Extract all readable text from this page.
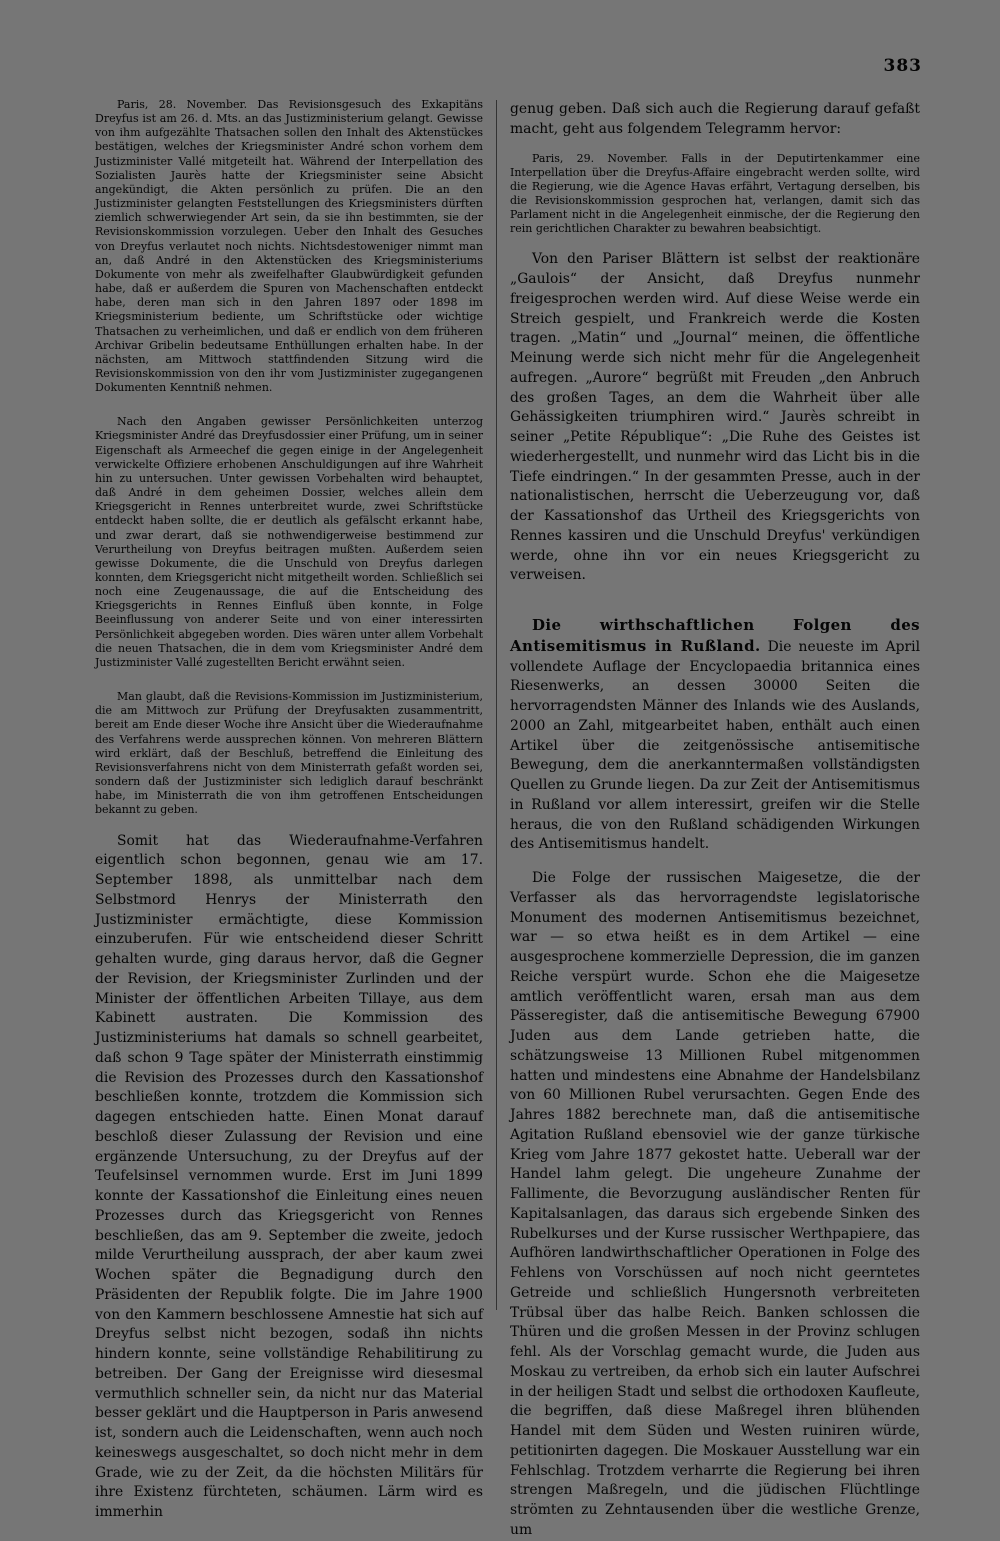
383

Paris, 28. November. Das Revisionsgesuch des Exkapitäns Dreyfus ist am 26. d. Mts. an das Justizministerium gelangt. Gewisse von ihm aufgezählte Thatsachen sollen den Inhalt des Aktenstückes bestätigen, welches der Kriegsminister André schon vorhem dem Justizminister Vallé mitgeteilt hat. Während der Interpellation des Sozialisten Jaurès hatte der Kriegsminister seine Absicht angekündigt, die Akten persönlich zu prüfen. Die an den Justizminister gelangten Feststellungen des Kriegsministers dürften ziemlich schwerwiegender Art sein, da sie ihn bestimmten, sie der Revisionskommission vorzulegen. Ueber den Inhalt des Gesuches von Dreyfus verlautet noch nichts. Nichtsdestoweniger nimmt man an, daß André in den Aktenstücken des Kriegsministeriums Dokumente von mehr als zweifelhafter Glaubwürdigkeit gefunden habe, daß er außerdem die Spuren von Machenschaften entdeckt habe, deren man sich in den Jahren 1897 oder 1898 im Kriegsministerium bediente, um Schriftstücke oder wichtige Thatsachen zu verheimlichen, und daß er endlich von dem früheren Archivar Gribelin bedeutsame Enthüllungen erhalten habe. In der nächsten, am Mittwoch stattfindenden Sitzung wird die Revisionskommission von den ihr vom Justizminister zugegangenen Dokumenten Kenntniß nehmen.

Nach den Angaben gewisser Persönlichkeiten unterzog Kriegsminister André das Dreyfusdossier einer Prüfung, um in seiner Eigenschaft als Armeechef die gegen einige in der Angelegenheit verwickelte Offiziere erhobenen Anschuldigungen auf ihre Wahrheit hin zu untersuchen. Unter gewissen Vorbehalten wird behauptet, daß André in dem geheimen Dossier, welches allein dem Kriegsgericht in Rennes unterbreitet wurde, zwei Schriftstücke entdeckt haben sollte, die er deutlich als gefälscht erkannt habe, und zwar derart, daß sie nothwendigerweise bestimmend zur Verurtheilung von Dreyfus beitragen mußten. Außerdem seien gewisse Dokumente, die die Unschuld von Dreyfus darlegen konnten, dem Kriegsgericht nicht mitgetheilt worden. Schließlich sei noch eine Zeugenaussage, die auf die Entscheidung des Kriegsgerichts in Rennes Einfluß üben konnte, in Folge Beeinflussung von anderer Seite und von einer interessirten Persönlichkeit abgegeben worden. Dies wären unter allem Vorbehalt die neuen Thatsachen, die in dem vom Kriegsminister André dem Justizminister Vallé zugestellten Bericht erwähnt seien.

Man glaubt, daß die Revisions-Kommission im Justizministerium, die am Mittwoch zur Prüfung der Dreyfusakten zusammentritt, bereit am Ende dieser Woche ihre Ansicht über die Wiederaufnahme des Verfahrens werde aussprechen können. Von mehreren Blättern wird erklärt, daß der Beschluß, betreffend die Einleitung des Revisionsverfahrens nicht von dem Ministerrath gefaßt worden sei, sondern daß der Justizminister sich lediglich darauf beschränkt habe, im Ministerrath die von ihm getroffenen Entscheidungen bekannt zu geben.

Somit hat das Wiederaufnahme-Verfahren eigentlich schon begonnen, genau wie am 17. September 1898, als unmittelbar nach dem Selbstmord Henrys der Ministerrath den Justizminister ermächtigte, diese Kommission einzuberufen. Für wie entscheidend dieser Schritt gehalten wurde, ging daraus hervor, daß die Gegner der Revision, der Kriegsminister Zurlinden und der Minister der öffentlichen Arbeiten Tillaye, aus dem Kabinett austraten. Die Kommission des Justizministeriums hat damals so schnell gearbeitet, daß schon 9 Tage später der Ministerrath einstimmig die Revision des Prozesses durch den Kassationshof beschließen konnte, trotzdem die Kommission sich dagegen entschieden hatte. Einen Monat darauf beschloß dieser Zulassung der Revision und eine ergänzende Untersuchung, zu der Dreyfus auf der Teufelsinsel vernommen wurde. Erst im Juni 1899 konnte der Kassationshof die Einleitung eines neuen Prozesses durch das Kriegsgericht von Rennes beschließen, das am 9. September die zweite, jedoch milde Verurtheilung aussprach, der aber kaum zwei Wochen später die Begnadigung durch den Präsidenten der Republik folgte. Die im Jahre 1900 von den Kammern beschlossene Amnestie hat sich auf Dreyfus selbst nicht bezogen, sodaß ihn nichts hindern konnte, seine vollständige Rehabilitirung zu betreiben. Der Gang der Ereignisse wird diesesmal vermuthlich schneller sein, da nicht nur das Material besser geklärt und die Hauptperson in Paris anwesend ist, sondern auch die Leidenschaften, wenn auch noch keineswegs ausgeschaltet, so doch nicht mehr in dem Grade, wie zu der Zeit, da die höchsten Militärs für ihre Existenz fürchteten, schäumen. Lärm wird es immerhin

genug geben. Daß sich auch die Regierung darauf gefaßt macht, geht aus folgendem Telegramm hervor:

Paris, 29. November. Falls in der Deputirtenkammer eine Interpellation über die Dreyfus-Affaire eingebracht werden sollte, wird die Regierung, wie die Agence Havas erfährt, Vertagung derselben, bis die Revisionskommission gesprochen hat, verlangen, damit sich das Parlament nicht in die Angelegenheit einmische, der die Regierung den rein gerichtlichen Charakter zu bewahren beabsichtigt.

Von den Pariser Blättern ist selbst der reaktionäre „Gaulois“ der Ansicht, daß Dreyfus nunmehr freigesprochen werden wird. Auf diese Weise werde ein Streich gespielt, und Frankreich werde die Kosten tragen. „Matin“ und „Journal“ meinen, die öffentliche Meinung werde sich nicht mehr für die Angelegenheit aufregen. „Aurore“ begrüßt mit Freuden „den Anbruch des großen Tages, an dem die Wahrheit über alle Gehässigkeiten triumphiren wird.“ Jaurès schreibt in seiner „Petite République“: „Die Ruhe des Geistes ist wiederhergestellt, und nunmehr wird das Licht bis in die Tiefe eindringen.“ In der gesammten Presse, auch in der nationalistischen, herrscht die Ueberzeugung vor, daß der Kassationshof das Urtheil des Kriegsgerichts von Rennes kassiren und die Unschuld Dreyfus' verkündigen werde, ohne ihn vor ein neues Kriegsgericht zu verweisen.

Die wirthschaftlichen Folgen des Antisemitismus in Rußland. Die neueste im April vollendete Auflage der Encyclopaedia britannica eines Riesenwerks, an dessen 30000 Seiten die hervorragendsten Männer des Inlands wie des Auslands, 2000 an Zahl, mitgearbeitet haben, enthält auch einen Artikel über die zeitgenössische antisemitische Bewegung, dem die anerkanntermaßen vollständigsten Quellen zu Grunde liegen. Da zur Zeit der Antisemitismus in Rußland vor allem interessirt, greifen wir die Stelle heraus, die von den Rußland schädigenden Wirkungen des Antisemitismus handelt.

Die Folge der russischen Maigesetze, die der Verfasser als das hervorragendste legislatorische Monument des modernen Antisemitismus bezeichnet, war — so etwa heißt es in dem Artikel — eine ausgesprochene kommerzielle Depression, die im ganzen Reiche verspürt wurde. Schon ehe die Maigesetze amtlich veröffentlicht waren, ersah man aus dem Pässeregister, daß die antisemitische Bewegung 67900 Juden aus dem Lande getrieben hatte, die schätzungsweise 13 Millionen Rubel mitgenommen hatten und mindestens eine Abnahme der Handelsbilanz von 60 Millionen Rubel verursachten. Gegen Ende des Jahres 1882 berechnete man, daß die antisemitische Agitation Rußland ebensoviel wie der ganze türkische Krieg vom Jahre 1877 gekostet hatte. Ueberall war der Handel lahm gelegt. Die ungeheure Zunahme der Fallimente, die Bevorzugung ausländischer Renten für Kapitalsanlagen, das daraus sich ergebende Sinken des Rubelkurses und der Kurse russischer Werthpapiere, das Aufhören landwirthschaftlicher Operationen in Folge des Fehlens von Vorschüssen auf noch nicht geerntetes Getreide und schließlich Hungersnoth verbreiteten Trübsal über das halbe Reich. Banken schlossen die Thüren und die großen Messen in der Provinz schlugen fehl. Als der Vorschlag gemacht wurde, die Juden aus Moskau zu vertreiben, da erhob sich ein lauter Aufschrei in der heiligen Stadt und selbst die orthodoxen Kaufleute, die begriffen, daß diese Maßregel ihren blühenden Handel mit dem Süden und Westen ruiniren würde, petitionirten dagegen. Die Moskauer Ausstellung war ein Fehlschlag. Trotzdem verharrte die Regierung bei ihren strengen Maßregeln, und die jüdischen Flüchtlinge strömten zu Zehntausenden über die westliche Grenze, um
